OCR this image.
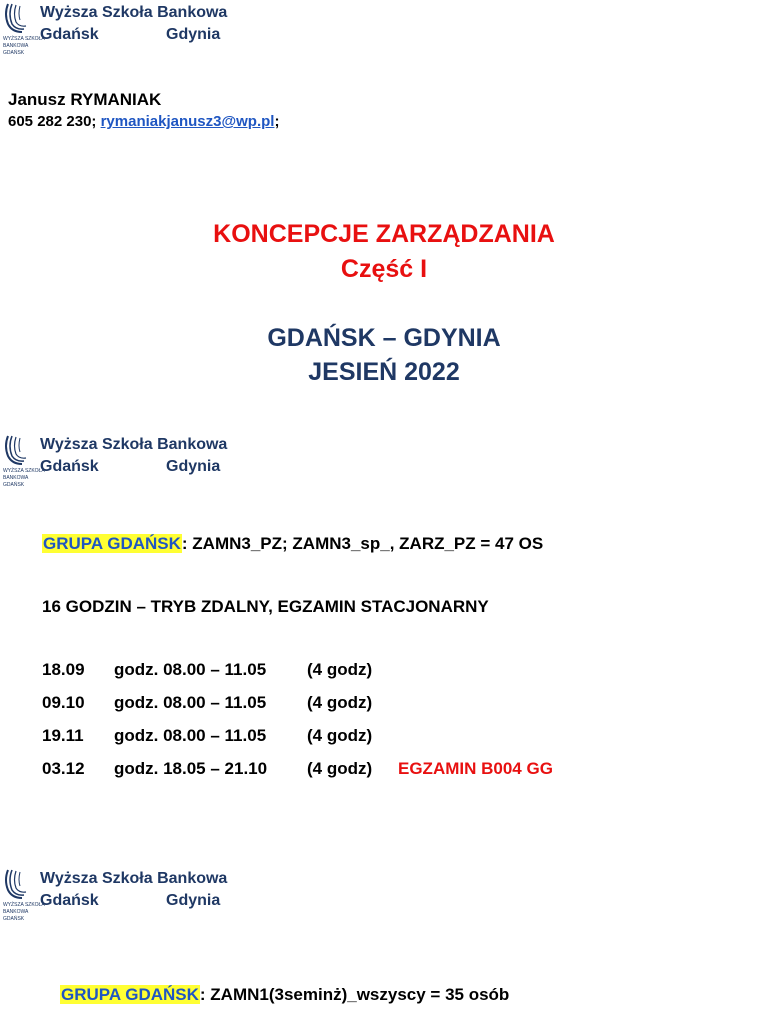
WYŻSZA SZKOŁA
BANKOWA
GDAŃSK
Wyższa Szkoła Bankowa
Gdańsk	Gdynia
Janusz RYMANIAK
605 282 230; rymaniakjanusz3@wp.pl;
KONCEPCJE ZARZĄDZANIA
Część I
GDAŃSK – GDYNIA
JESIEŃ 2022
WYŻSZA SZKOŁA
BANKOWA
GDAŃSK
Wyższa Szkoła Bankowa
Gdańsk	Gdynia
GRUPA GDAŃSK: ZAMN3_PZ; ZAMN3_sp_, ZARZ_PZ = 47 OS
16 GODZIN – TRYB ZDALNY, EGZAMIN STACJONARNY
18.09 godz. 08.00 – 11.05 (4 godz)
09.10 godz. 08.00 – 11.05 (4 godz)
19.11 godz. 08.00 – 11.05 (4 godz)
03.12 godz. 18.05 – 21.10 (4 godz) EGZAMIN B004 GG
WYŻSZA SZKOŁA
BANKOWA
GDAŃSK
Wyższa Szkoła Bankowa
Gdańsk	Gdynia
GRUPA GDAŃSK: ZAMN1(3seminż)_wszyscy = 35 osób
